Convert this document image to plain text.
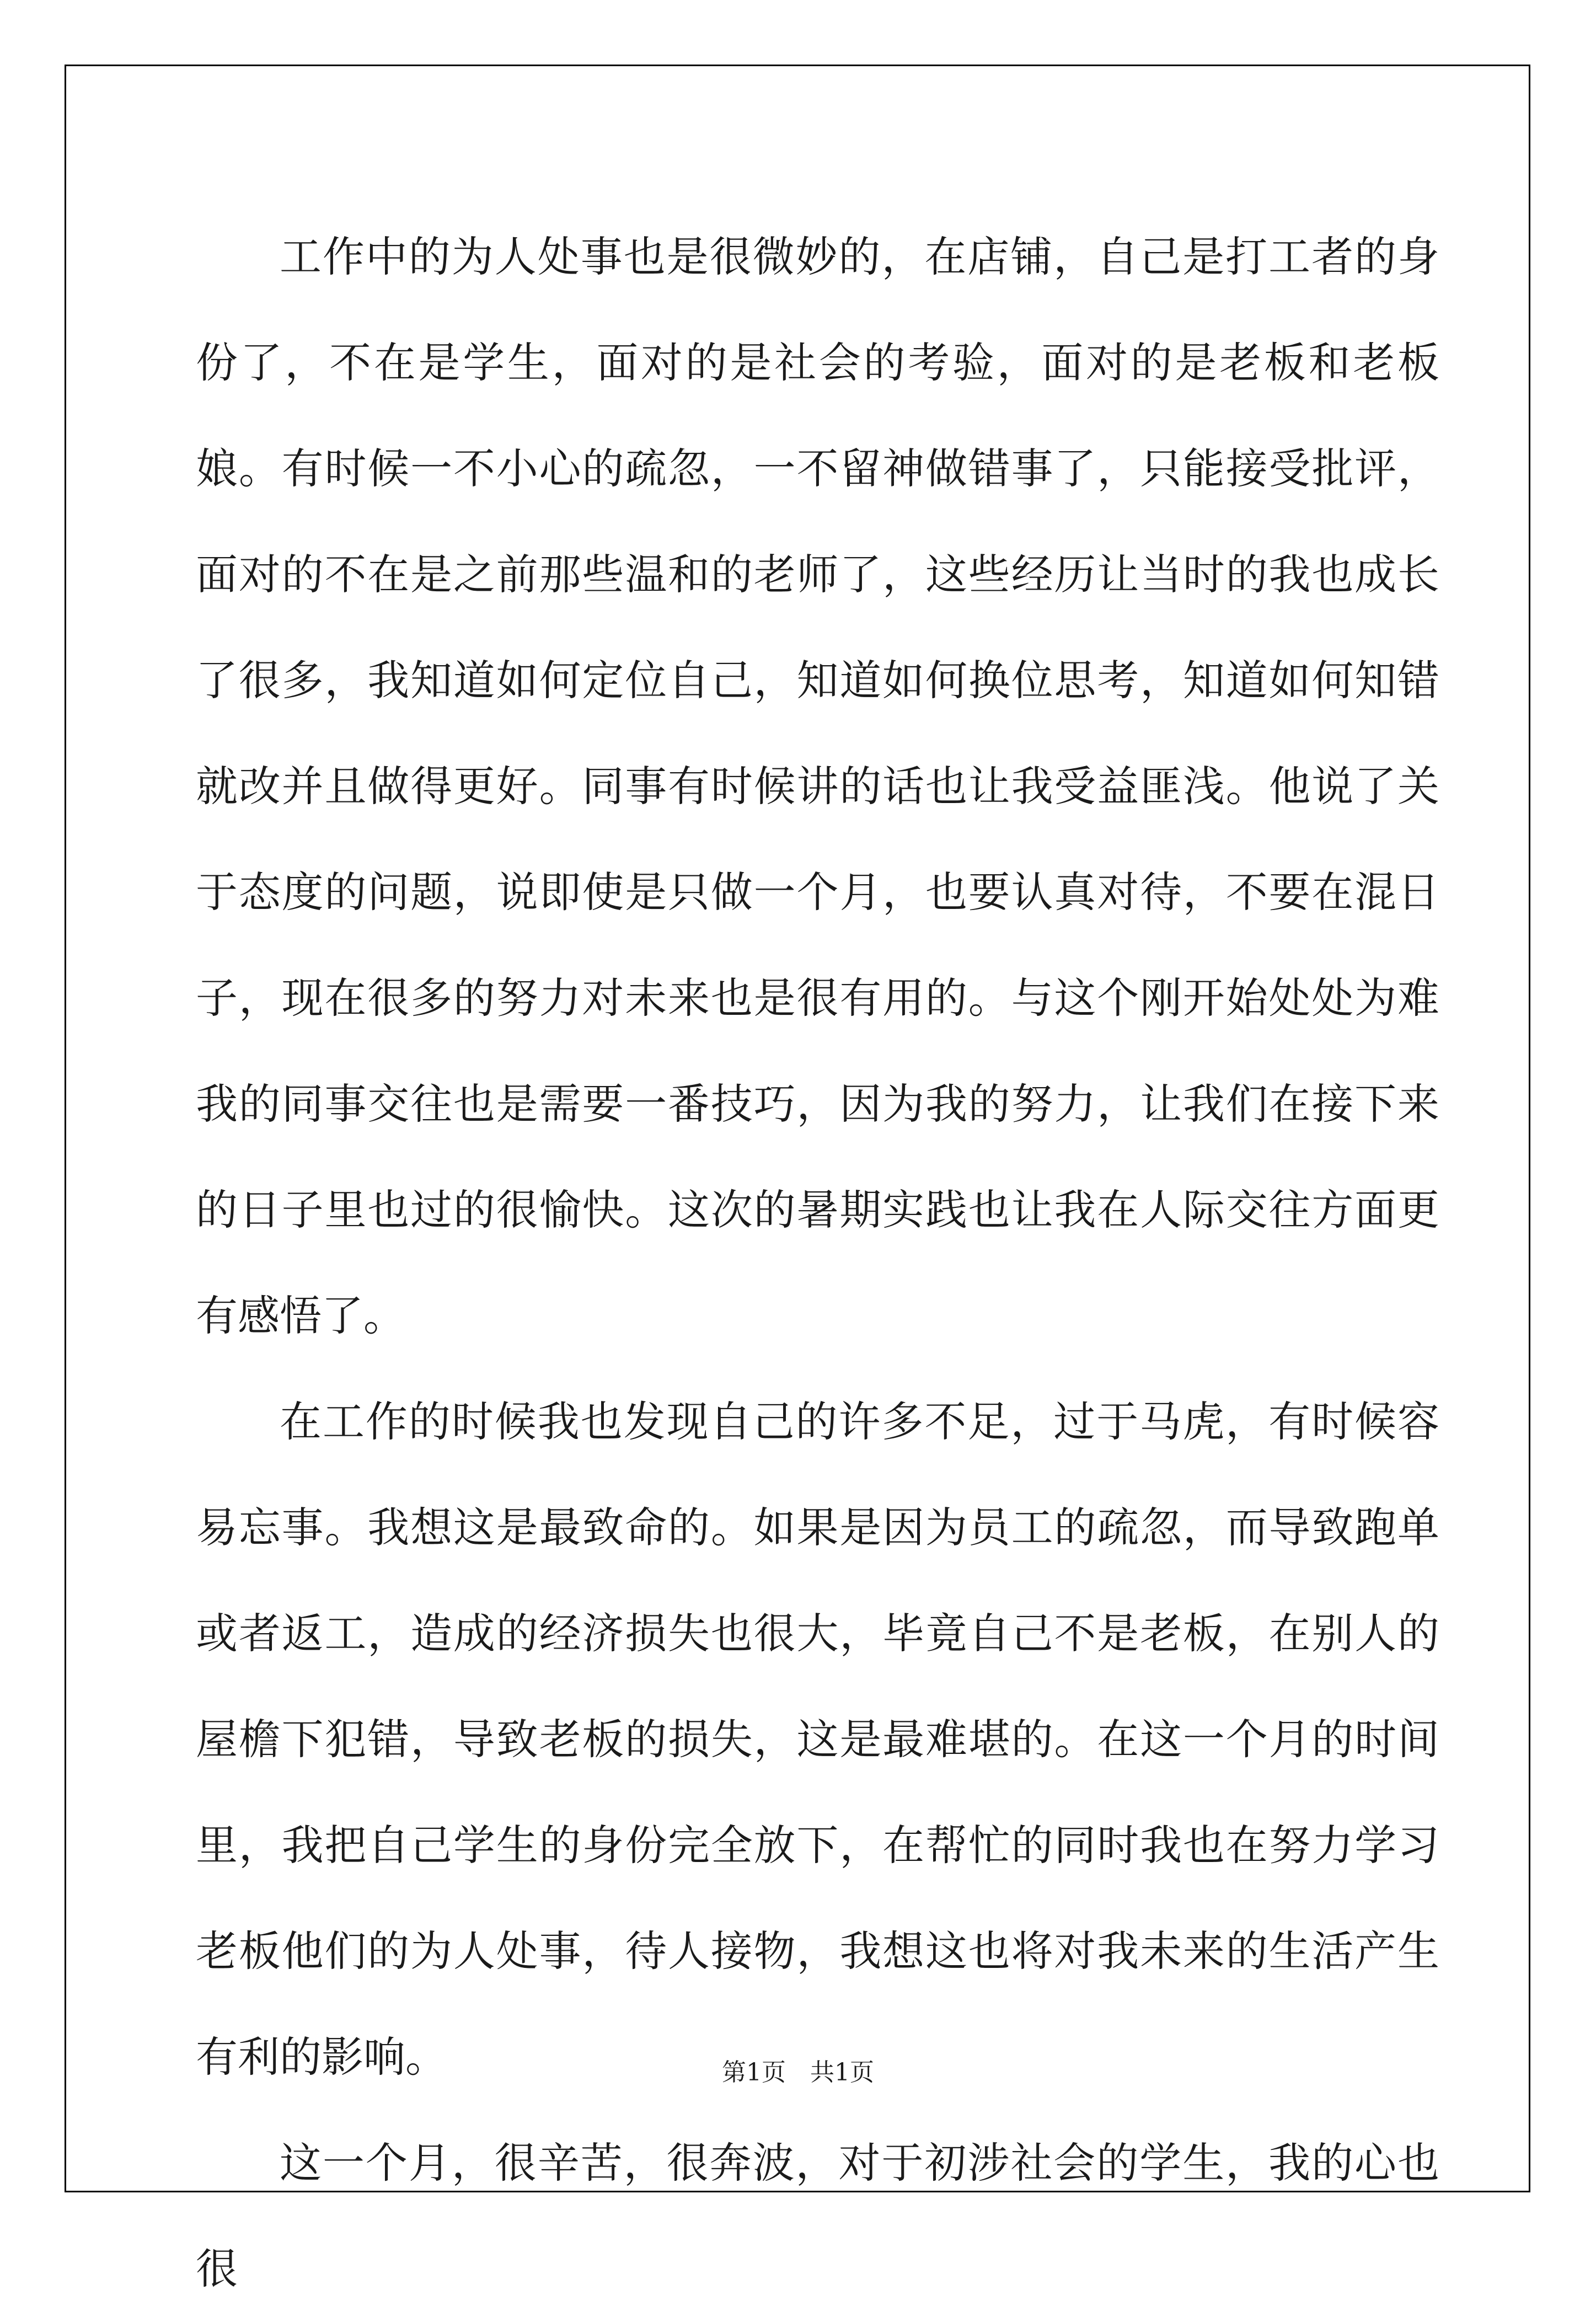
工作中的为人处事也是很微妙的，在店铺，自己是打工者的身份了，不在是学生，面对的是社会的考验，面对的是老板和老板娘。有时候一不小心的疏忽，一不留神做错事了，只能接受批评，面对的不在是之前那些温和的老师了，这些经历让当时的我也成长了很多，我知道如何定位自己，知道如何换位思考，知道如何知错就改并且做得更好。同事有时候讲的话也让我受益匪浅。他说了关于态度的问题，说即使是只做一个月，也要认真对待，不要在混日子，现在很多的努力对未来也是很有用的。与这个刚开始处处为难我的同事交往也是需要一番技巧，因为我的努力，让我们在接下来的日子里也过的很愉快。这次的暑期实践也让我在人际交往方面更有感悟了。

在工作的时候我也发现自己的许多不足，过于马虎，有时候容易忘事。我想这是最致命的。如果是因为员工的疏忽，而导致跑单或者返工，造成的经济损失也很大，毕竟自己不是老板，在别人的屋檐下犯错，导致老板的损失，这是最难堪的。在这一个月的时间里，我把自己学生的身份完全放下，在帮忙的同时我也在努力学习老板他们的为人处事，待人接物，我想这也将对我未来的生活产生有利的影响。

这一个月，很辛苦，很奔波，对于初涉社会的学生，我的心也很

第1页 共1页
